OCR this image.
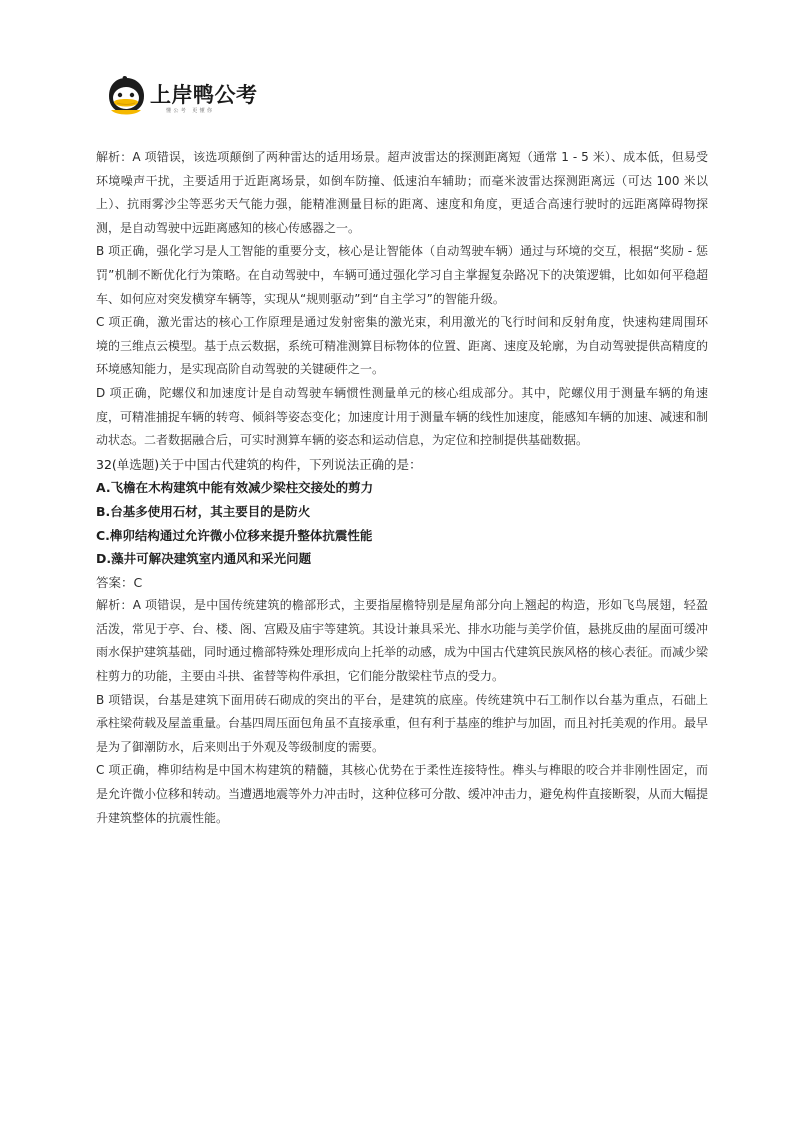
上岸鸭公考
懂公考 更懂你

解析：A 项错误，该选项颠倒了两种雷达的适用场景。超声波雷达的探测距离短（通常 1 - 5 米）、成本低，但易受环境噪声干扰，主要适用于近距离场景，如倒车防撞、低速泊车辅助；而毫米波雷达探测距离远（可达 100 米以上）、抗雨雾沙尘等恶劣天气能力强，能精准测量目标的距离、速度和角度，更适合高速行驶时的远距离障碍物探测，是自动驾驶中远距离感知的核心传感器之一。

B 项正确，强化学习是人工智能的重要分支，核心是让智能体（自动驾驶车辆）通过与环境的交互，根据“奖励 - 惩罚”机制不断优化行为策略。在自动驾驶中，车辆可通过强化学习自主掌握复杂路况下的决策逻辑，比如如何平稳超车、如何应对突发横穿车辆等，实现从“规则驱动”到“自主学习”的智能升级。

C 项正确，激光雷达的核心工作原理是通过发射密集的激光束，利用激光的飞行时间和反射角度，快速构建周围环境的三维点云模型。基于点云数据，系统可精准测算目标物体的位置、距离、速度及轮廓，为自动驾驶提供高精度的环境感知能力，是实现高阶自动驾驶的关键硬件之一。

D 项正确，陀螺仪和加速度计是自动驾驶车辆惯性测量单元的核心组成部分。其中，陀螺仪用于测量车辆的角速度，可精准捕捉车辆的转弯、倾斜等姿态变化；加速度计用于测量车辆的线性加速度，能感知车辆的加速、减速和制动状态。二者数据融合后，可实时测算车辆的姿态和运动信息，为定位和控制提供基础数据。

32(单选题)关于中国古代建筑的构件，下列说法正确的是：

A.飞檐在木构建筑中能有效减少梁柱交接处的剪力

B.台基多使用石材，其主要目的是防火

C.榫卯结构通过允许微小位移来提升整体抗震性能

D.藻井可解决建筑室内通风和采光问题

答案：C

解析：A 项错误，是中国传统建筑的檐部形式，主要指屋檐特别是屋角部分向上翘起的构造，形如飞鸟展翅，轻盈活泼，常见于亭、台、楼、阁、宫殿及庙宇等建筑。其设计兼具采光、排水功能与美学价值，悬挑反曲的屋面可缓冲雨水保护建筑基础，同时通过檐部特殊处理形成向上托举的动感，成为中国古代建筑民族风格的核心表征。而减少梁柱剪力的功能，主要由斗拱、雀替等构件承担，它们能分散梁柱节点的受力。

B 项错误，台基是建筑下面用砖石砌成的突出的平台，是建筑的底座。传统建筑中石工制作以台基为重点，石础上承柱梁荷载及屋盖重量。台基四周压面包角虽不直接承重，但有利于基座的维护与加固，而且衬托美观的作用。最早是为了御潮防水，后来则出于外观及等级制度的需要。

C 项正确，榫卯结构是中国木构建筑的精髓，其核心优势在于柔性连接特性。榫头与榫眼的咬合并非刚性固定，而是允许微小位移和转动。当遭遇地震等外力冲击时，这种位移可分散、缓冲冲击力，避免构件直接断裂，从而大幅提升建筑整体的抗震性能。
